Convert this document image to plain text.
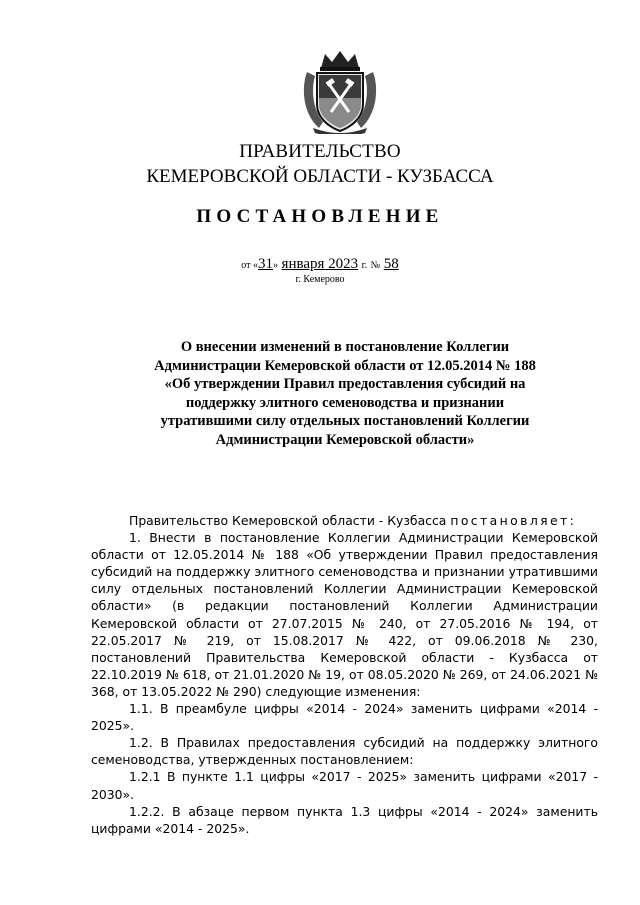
ПРАВИТЕЛЬСТВО
КЕМЕРОВСКОЙ ОБЛАСТИ - КУЗБАССА
ПОСТАНОВЛЕНИЕ
от «31» января 2023 г. № 58
г. Кемерово
О внесении изменений в постановление Коллегии Администрации Кемеровской области от 12.05.2014 № 188 «Об утверждении Правил предоставления субсидий на поддержку элитного семеноводства и признании утратившими силу отдельных постановлений Коллегии Администрации Кемеровской области»

Правительство Кемеровской области - Кузбасса постановляет:

1. Внести в постановление Коллегии Администрации Кемеровской области от 12.05.2014 № 188 «Об утверждении Правил предоставления субсидий на поддержку элитного семеноводства и признании утратившими силу отдельных постановлений Коллегии Администрации Кемеровской области» (в редакции постановлений Коллегии Администрации Кемеровской области от 27.07.2015 № 240, от 27.05.2016 № 194, от 22.05.2017 № 219, от 15.08.2017 № 422, от 09.06.2018 № 230, постановлений Правительства Кемеровской области - Кузбасса от 22.10.2019 № 618, от 21.01.2020 № 19, от 08.05.2020 № 269, от 24.06.2021 № 368, от 13.05.2022 № 290) следующие изменения:

1.1. В преамбуле цифры «2014 - 2024» заменить цифрами «2014 - 2025».

1.2. В Правилах предоставления субсидий на поддержку элитного семеноводства, утвержденных постановлением:

1.2.1 В пункте 1.1 цифры «2017 - 2025» заменить цифрами «2017 - 2030».

1.2.2. В абзаце первом пункта 1.3 цифры «2014 - 2024» заменить цифрами «2014 - 2025».
